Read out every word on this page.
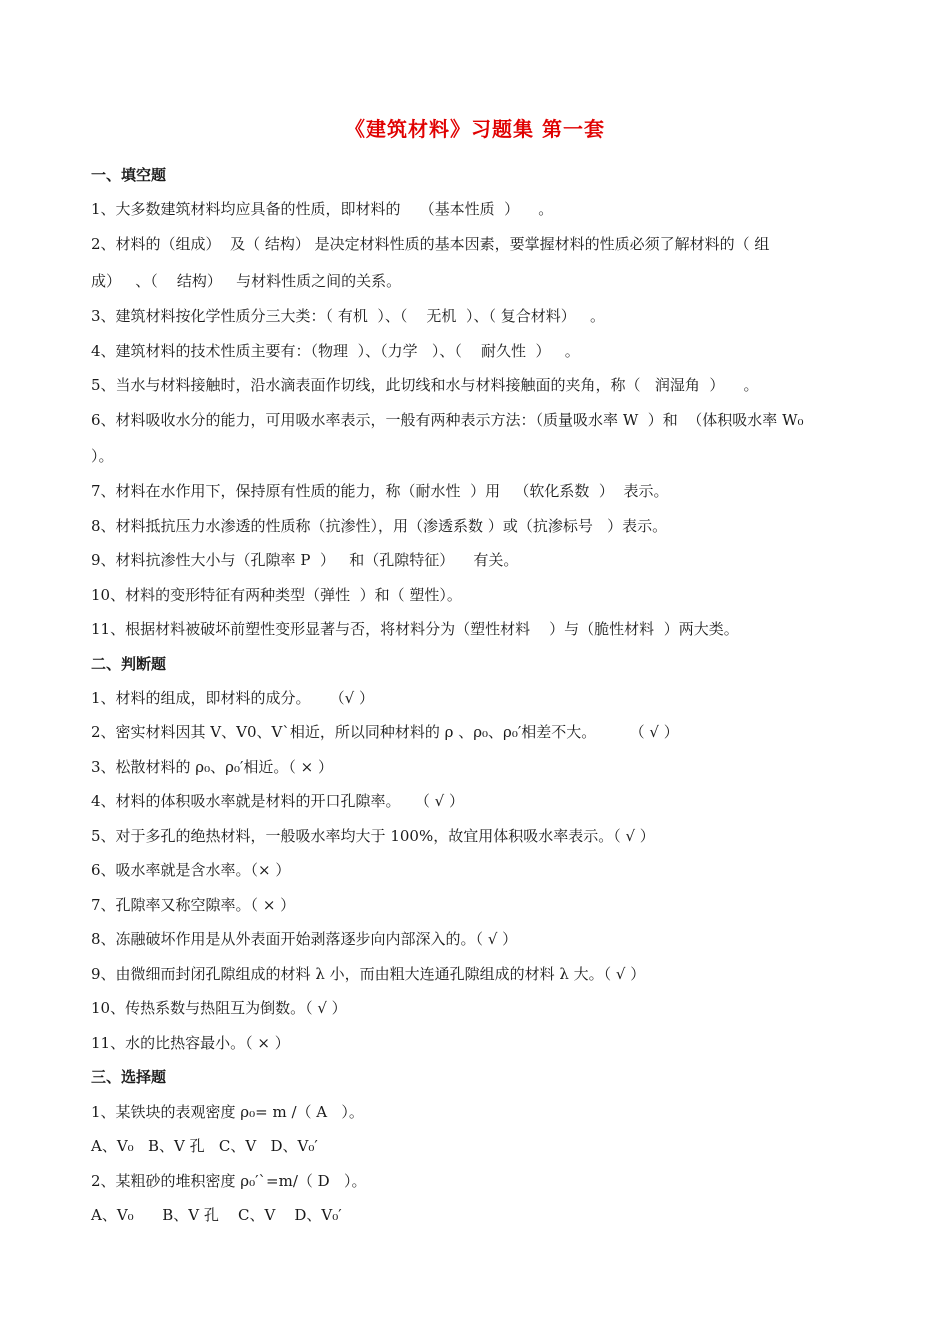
《建筑材料》习题集 第一套
一、填空题
1、大多数建筑材料均应具备的性质，即材料的    （基本性质  ）    。
2、材料的（组成）  及（ 结构） 是决定材料性质的基本因素，要掌握材料的性质必须了解材料的（ 组
成）   、（    结构）   与材料性质之间的关系。
3、建筑材料按化学性质分三大类：（ 有机  ）、（    无机  ）、（ 复合材料）   。
4、建筑材料的技术性质主要有：（物理  ）、（力学   ）、（    耐久性  ）   。
5、当水与材料接触时，沿水滴表面作切线，此切线和水与材料接触面的夹角，称（   润湿角  ）    。
6、材料吸收水分的能力，可用吸水率表示，一般有两种表示方法：（质量吸水率 W  ）和  （体积吸水率 W₀
）。
7、材料在水作用下，保持原有性质的能力，称（耐水性  ）用   （软化系数  ）  表示。
8、材料抵抗压力水渗透的性质称（抗渗性），用（渗透系数 ）或（抗渗标号   ）表示。
9、材料抗渗性大小与（孔隙率 P  ）   和（孔隙特征）    有关。
10、材料的变形特征有两种类型（弹性  ）和（ 塑性）。
11、根据材料被破坏前塑性变形显著与否，将材料分为（塑性材料    ）与（脆性材料  ）两大类。
二、判断题
1、材料的组成，即材料的成分。    （√ ）
2、密实材料因其 V、V0、V`相近，所以同种材料的 ρ 、ρ₀、ρ₀′相差不大。       （ √ ）
3、松散材料的 ρ₀、ρ₀′相近。（ × ）
4、材料的体积吸水率就是材料的开口孔隙率。   （ √ ）
5、对于多孔的绝热材料，一般吸水率均大于 100%，故宜用体积吸水率表示。（ √ ）
6、吸水率就是含水率。（× ）
7、孔隙率又称空隙率。（ × ）
8、冻融破坏作用是从外表面开始剥落逐步向内部深入的。（ √ ）
9、由微细而封闭孔隙组成的材料 λ 小，而由粗大连通孔隙组成的材料 λ 大。（ √ ）
10、传热系数与热阻互为倒数。（ √ ）
11、水的比热容最小。（ × ）
三、选择题
1、某铁块的表观密度 ρ₀= m /（ A   ）。
A、V₀   B、V 孔   C、V   D、V₀′
2、某粗砂的堆积密度 ρ₀′`=m/（ D   ）。
A、V₀      B、V 孔    C、V    D、V₀′
